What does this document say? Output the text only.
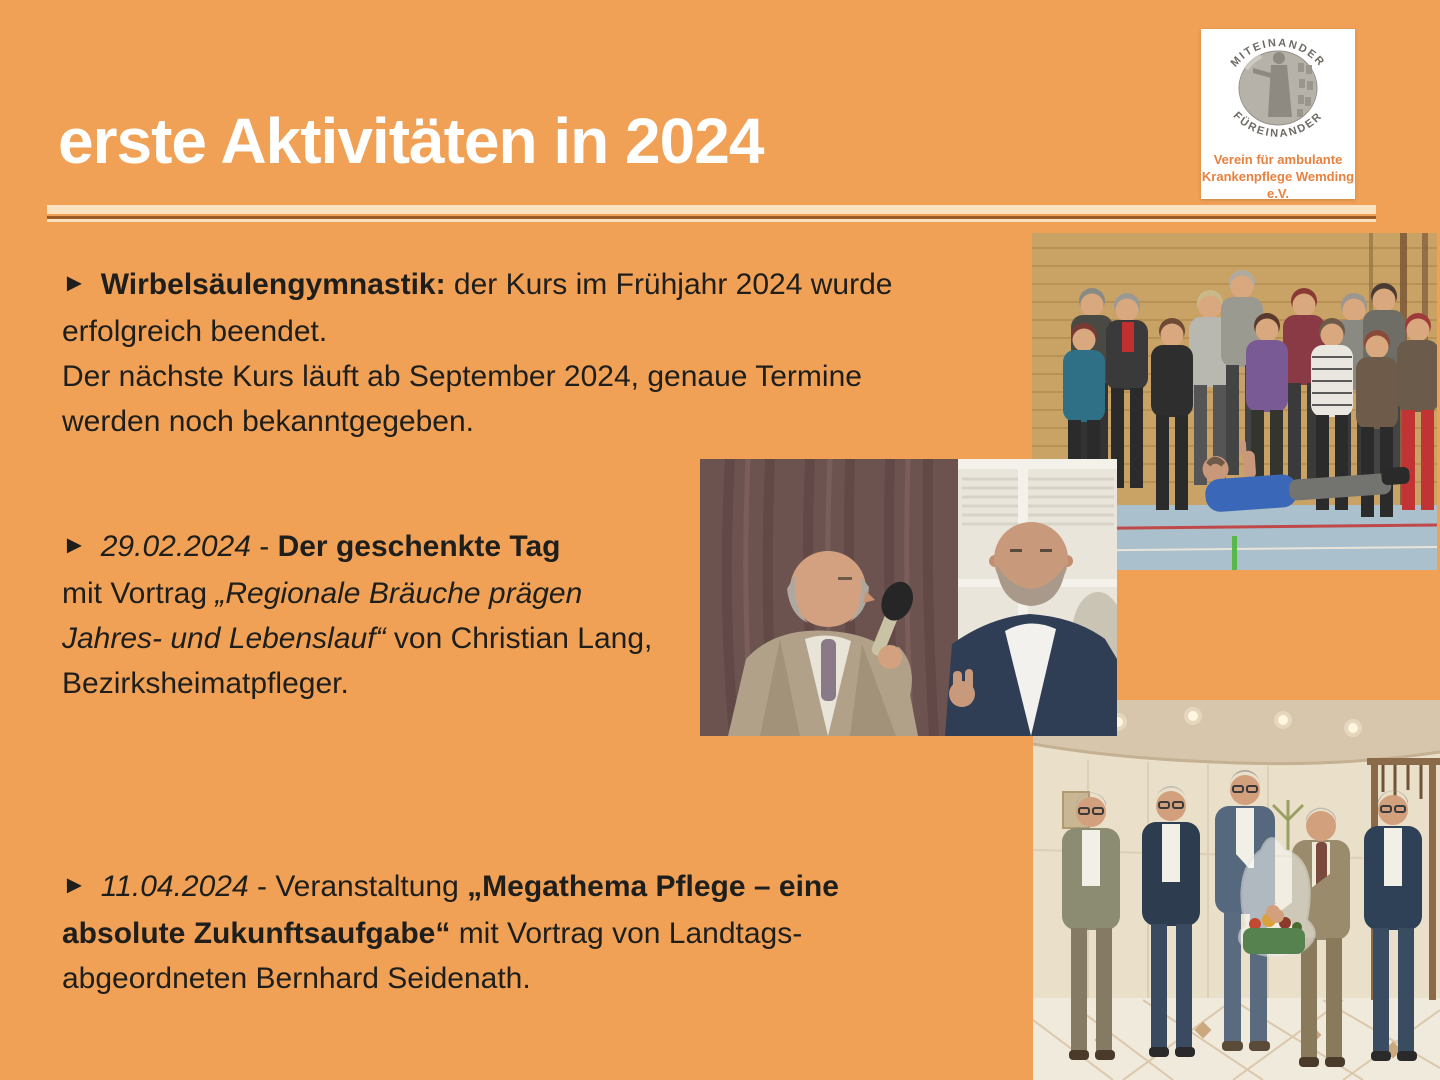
erste Aktivitäten in 2024
MITEINANDER
FÜREINANDER
Verein für ambulante
Krankenpflege Wemding e.V.
► Wirbelsäulengymnastik: der Kurs im Frühjahr 2024 wurde
erfolgreich beendet.
Der nächste Kurs läuft ab September 2024, genaue Termine
werden noch bekanntgegeben.
► 29.02.2024 - Der geschenkte Tag
mit Vortrag „Regionale Bräuche prägen
Jahres- und Lebenslauf“ von Christian Lang,
Bezirksheimatpfleger.
► 11.04.2024 - Veranstaltung „Megathema Pflege – eine
absolute Zukunftsaufgabe“ mit Vortrag von Landtags-
abgeordneten Bernhard Seidenath.
